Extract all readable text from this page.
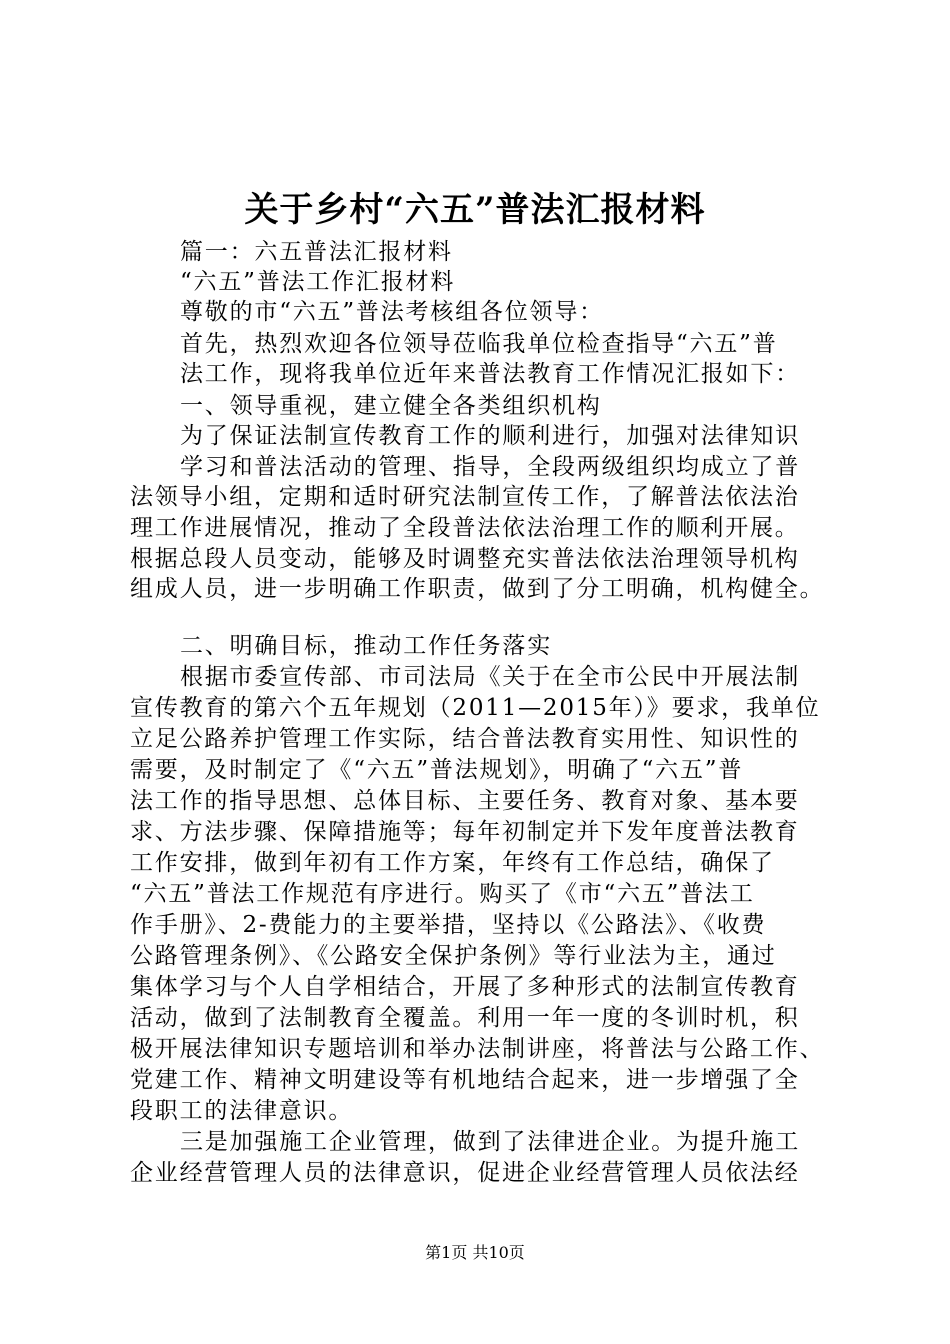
关于乡村“六五”普法汇报材料
篇一：六五普法汇报材料
“六五”普法工作汇报材料
尊敬的市“六五”普法考核组各位领导：
首先，热烈欢迎各位领导莅临我单位检查指导“六五”普
法工作，现将我单位近年来普法教育工作情况汇报如下：
一、领导重视，建立健全各类组织机构
为了保证法制宣传教育工作的顺利进行，加强对法律知识
学习和普法活动的管理、指导，全段两级组织均成立了普
法领导小组，定期和适时研究法制宣传工作，了解普法依法治
理工作进展情况，推动了全段普法依法治理工作的顺利开展。
根据总段人员变动，能够及时调整充实普法依法治理领导机构
组成人员，进一步明确工作职责，做到了分工明确，机构健全。
二、明确目标，推动工作任务落实
根据市委宣传部、市司法局《关于在全市公民中开展法制
宣传教育的第六个五年规划（2011—2015年）》要求，我单位
立足公路养护管理工作实际，结合普法教育实用性、知识性的
需要，及时制定了《“六五”普法规划》，明确了“六五”普
法工作的指导思想、总体目标、主要任务、教育对象、基本要
求、方法步骤、保障措施等；每年初制定并下发年度普法教育
工作安排，做到年初有工作方案，年终有工作总结，确保了
“六五”普法工作规范有序进行。购买了《市“六五”普法工
作手册》、2-费能力的主要举措，坚持以《公路法》、《收费
公路管理条例》、《公路安全保护条例》等行业法为主，通过
集体学习与个人自学相结合，开展了多种形式的法制宣传教育
活动，做到了法制教育全覆盖。利用一年一度的冬训时机，积
极开展法律知识专题培训和举办法制讲座，将普法与公路工作、
党建工作、精神文明建设等有机地结合起来，进一步增强了全
段职工的法律意识。
三是加强施工企业管理，做到了法律进企业。为提升施工
企业经营管理人员的法律意识，促进企业经营管理人员依法经
第1页 共10页
